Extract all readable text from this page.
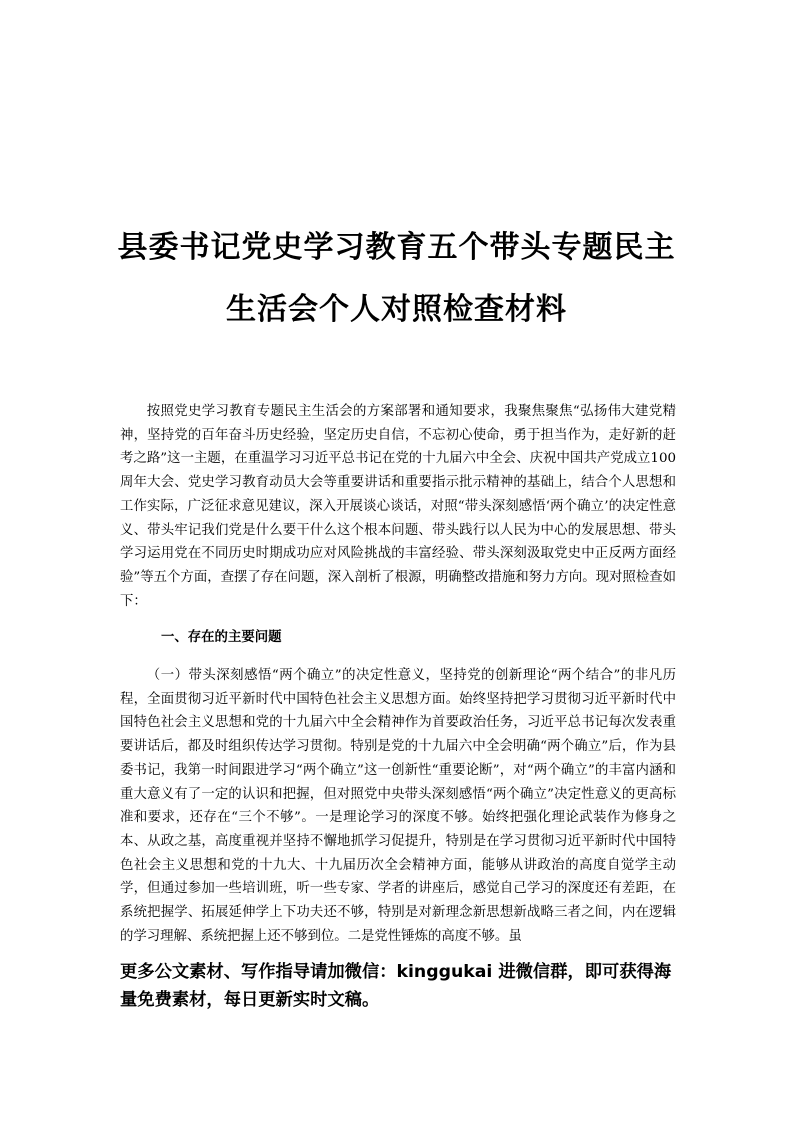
县委书记党史学习教育五个带头专题民主
生活会个人对照检查材料

按照党史学习教育专题民主生活会的方案部署和通知要求，我聚焦聚焦“弘扬伟大建党精神，坚持党的百年奋斗历史经验，坚定历史自信，不忘初心使命，勇于担当作为，走好新的赶考之路”这一主题，在重温学习习近平总书记在党的十九届六中全会、庆祝中国共产党成立100周年大会、党史学习教育动员大会等重要讲话和重要指示批示精神的基础上，结合个人思想和工作实际，广泛征求意见建议，深入开展谈心谈话，对照“带头深刻感悟‘两个确立’的决定性意义、带头牢记我们党是什么要干什么这个根本问题、带头践行以人民为中心的发展思想、带头学习运用党在不同历史时期成功应对风险挑战的丰富经验、带头深刻汲取党史中正反两方面经验”等五个方面，查摆了存在问题，深入剖析了根源，明确整改措施和努力方向。现对照检查如下：

一、存在的主要问题

（一）带头深刻感悟“两个确立”的决定性意义，坚持党的创新理论“两个结合”的非凡历程，全面贯彻习近平新时代中国特色社会主义思想方面。始终坚持把学习贯彻习近平新时代中国特色社会主义思想和党的十九届六中全会精神作为首要政治任务，习近平总书记每次发表重要讲话后，都及时组织传达学习贯彻。特别是党的十九届六中全会明确“两个确立”后，作为县委书记，我第一时间跟进学习“两个确立”这一创新性“重要论断”，对“两个确立”的丰富内涵和重大意义有了一定的认识和把握，但对照党中央带头深刻感悟“两个确立”决定性意义的更高标准和要求，还存在“三个不够”。一是理论学习的深度不够。始终把强化理论武装作为修身之本、从政之基，高度重视并坚持不懈地抓学习促提升，特别是在学习贯彻习近平新时代中国特色社会主义思想和党的十九大、十九届历次全会精神方面，能够从讲政治的高度自觉学主动学，但通过参加一些培训班，听一些专家、学者的讲座后，感觉自己学习的深度还有差距，在系统把握学、拓展延伸学上下功夫还不够，特别是对新理念新思想新战略三者之间，内在逻辑的学习理解、系统把握上还不够到位。二是党性锤炼的高度不够。虽

更多公文素材、写作指导请加微信：kinggukai 进微信群，即可获得海量免费素材，每日更新实时文稿。
